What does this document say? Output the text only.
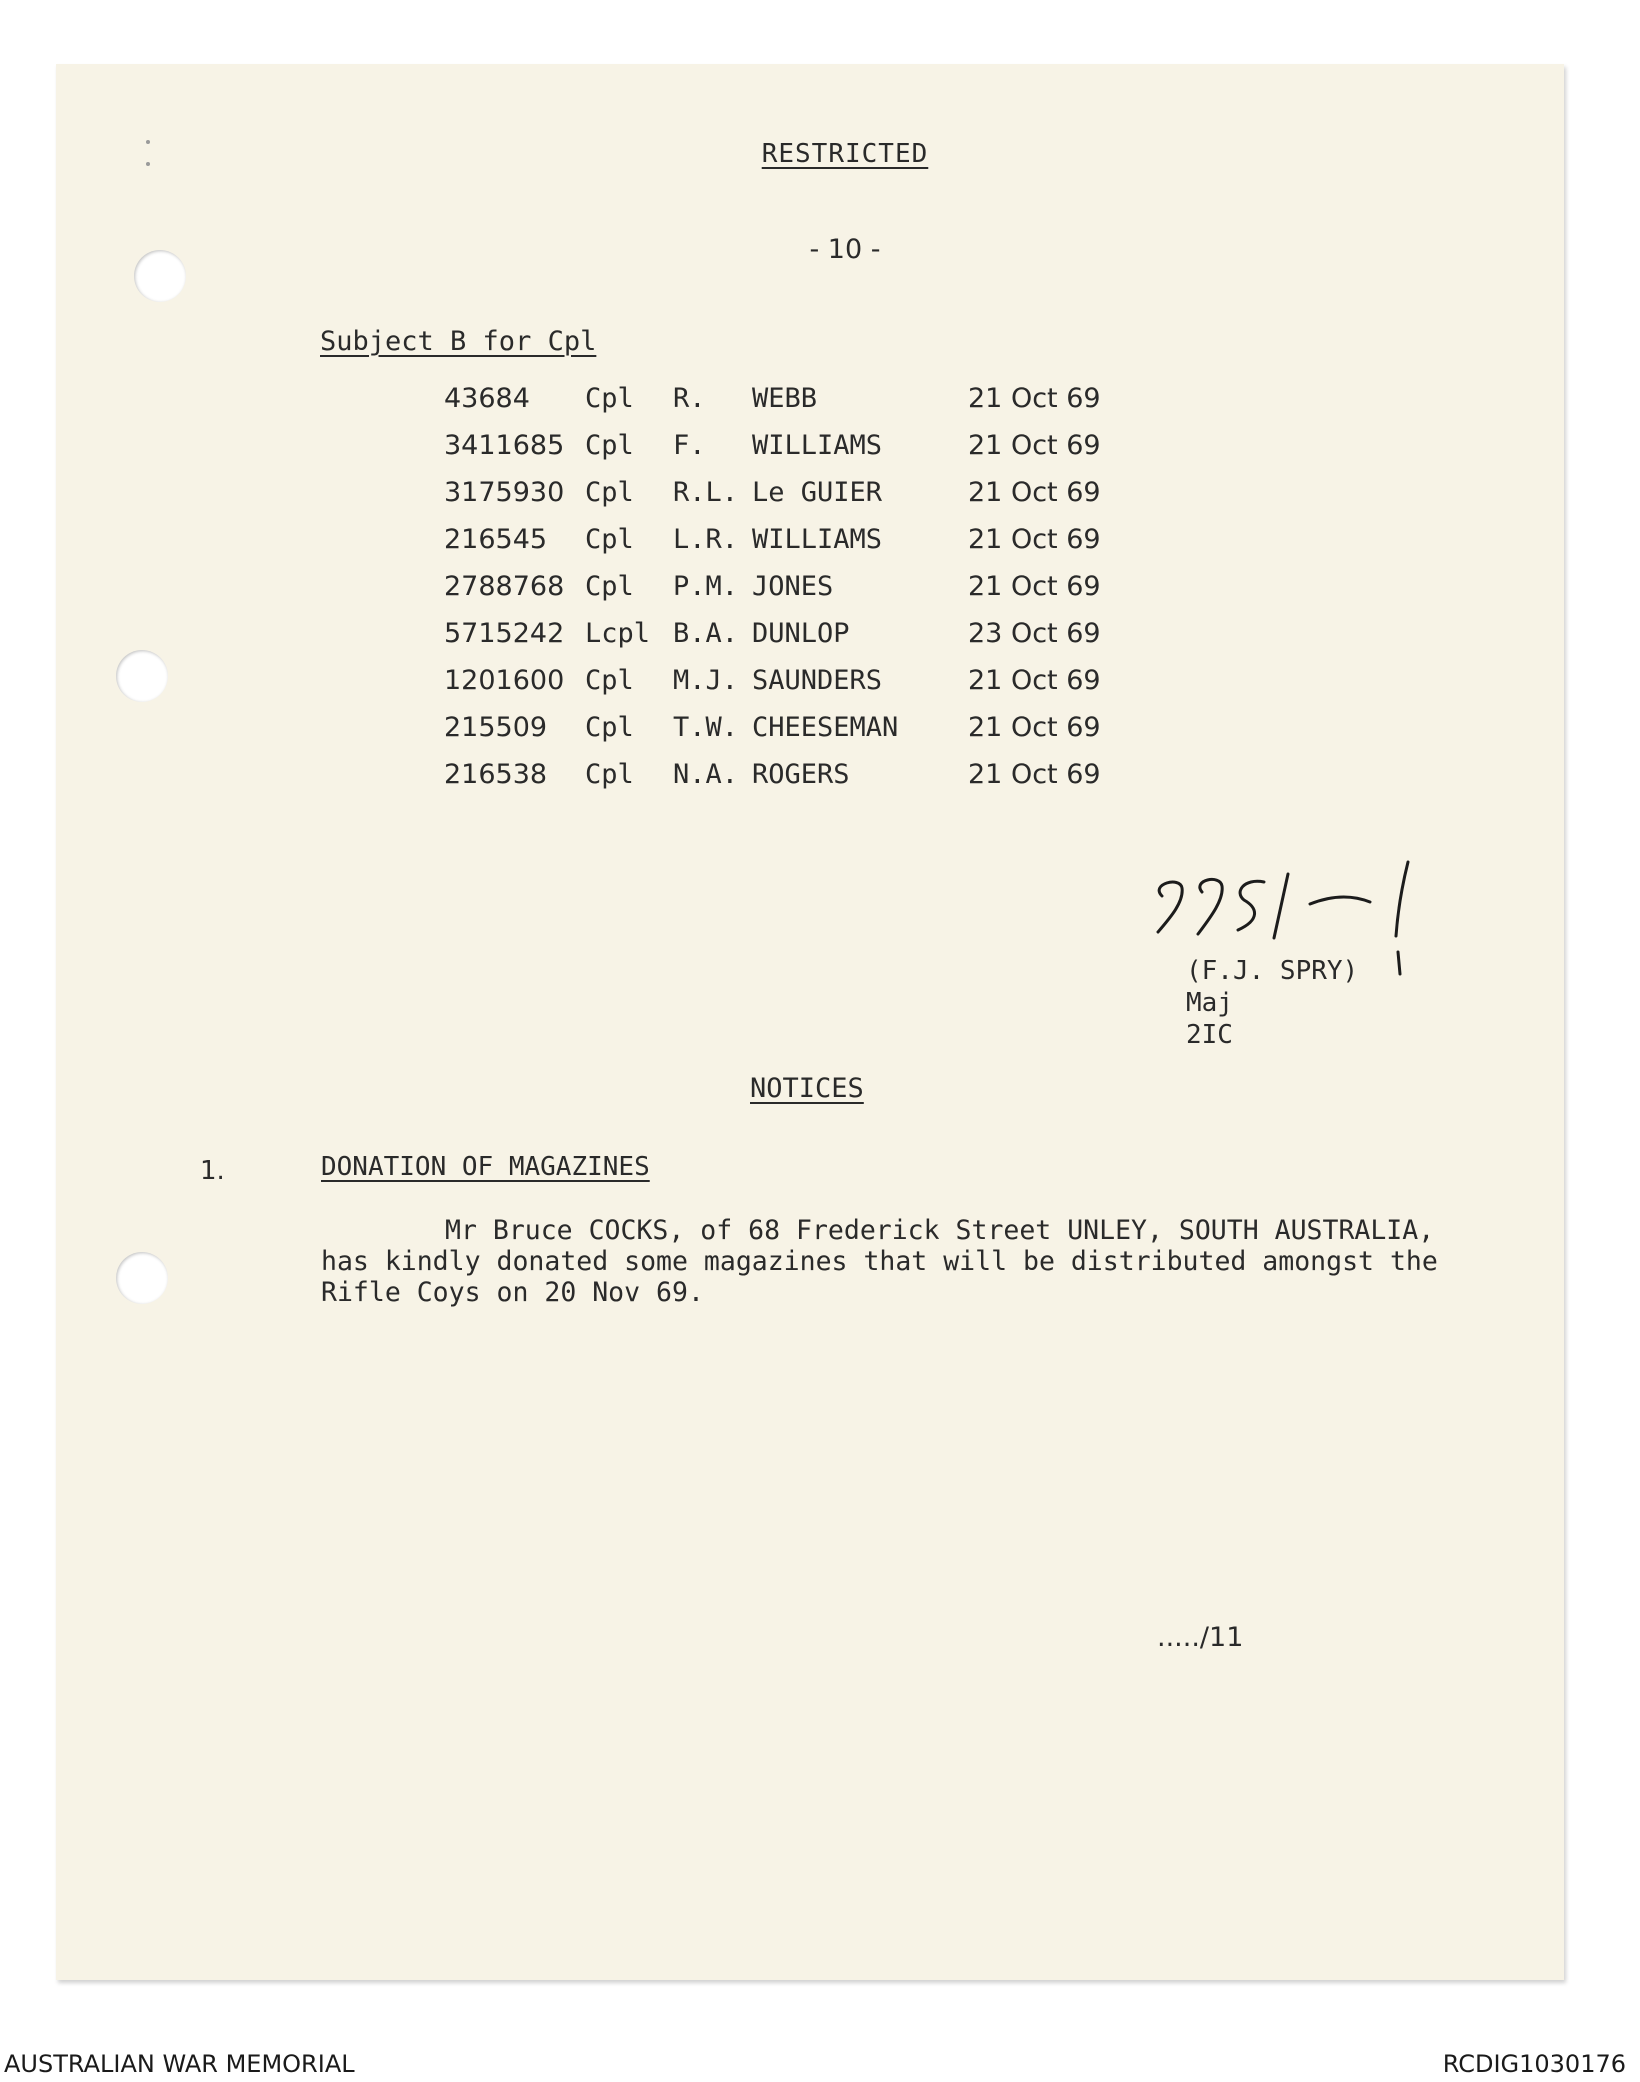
RESTRICTED
- 10 -
Subject B for Cpl
43684 Cpl R. WEBB	21 Oct 69
3411685 Cpl F. WILLIAMS	21 Oct 69
3175930 Cpl R.L. Le GUIER	21 Oct 69
216545 Cpl L.R. WILLIAMS	21 Oct 69
2788768 Cpl P.M. JONES	21 Oct 69
5715242 Lcpl B.A. DUNLOP	23 Oct 69
1201600 Cpl M.J. SAUNDERS	21 Oct 69
215509 Cpl T.W. CHEESEMAN	21 Oct 69
216538 Cpl N.A. ROGERS	21 Oct 69
(F.J. SPRY)
Maj
2IC
NOTICES
1.	DONATION OF MAGAZINES
Mr Bruce COCKS, of 68 Frederick Street UNLEY, SOUTH AUSTRALIA,
has kindly donated some magazines that will be distributed amongst the
Rifle Coys on 20 Nov 69.
...../11
AUSTRALIAN WAR MEMORIAL	RCDIG1030176
